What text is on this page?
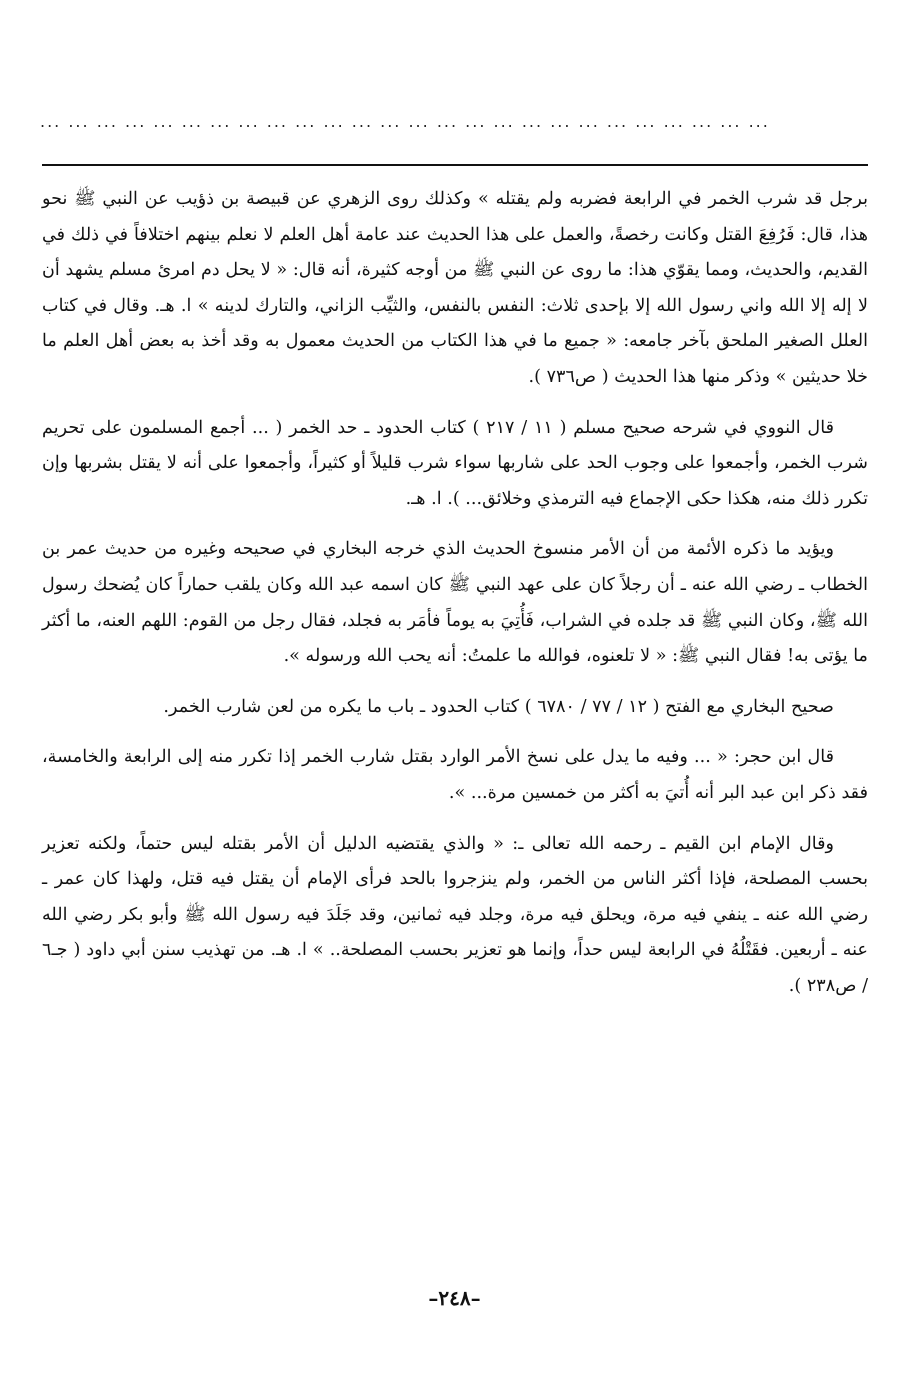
... ... ... ... ... ... ... ... ... ... ... ... ... ... ... ... ... ... ... ... ... ... ... ... ... ...

برجل قد شرب الخمر في الرابعة فضربه ولم يقتله » وكذلك روى الزهري عن قبيصة بن ذؤيب عن النبي ﷺ نحو هذا، قال: فَرُفِعَ القتل وكانت رخصةً، والعمل على هذا الحديث عند عامة أهل العلم لا نعلم بينهم اختلافاً في ذلك في القديم، والحديث، ومما يقوّي هذا: ما روى عن النبي ﷺ من أوجه كثيرة، أنه قال: « لا يحل دم امرئ مسلم يشهد أن لا إله إلا الله واني رسول الله إلا بإحدى ثلاث: النفس بالنفس، والثيِّب الزاني، والتارك لدينه » ا. هـ. وقال في كتاب العلل الصغير الملحق بآخر جامعه: « جميع ما في هذا الكتاب من الحديث معمول به وقد أخذ به بعض أهل العلم ما خلا حديثين » وذكر منها هذا الحديث ( ص٧٣٦ ).

قال النووي في شرحه صحيح مسلم ( ١١ / ٢١٧ ) كتاب الحدود ـ حد الخمر ( ... أجمع المسلمون على تحريم شرب الخمر، وأجمعوا على وجوب الحد على شاربها سواء شرب قليلاً أو كثيراً، وأجمعوا على أنه لا يقتل بشربها وإن تكرر ذلك منه، هكذا حكى الإجماع فيه الترمذي وخلائق... ). ا. هـ.

ويؤيد ما ذكره الأئمة من أن الأمر منسوخ الحديث الذي خرجه البخاري في صحيحه وغيره من حديث عمر بن الخطاب ـ رضي الله عنه ـ أن رجلاً كان على عهد النبي ﷺ كان اسمه عبد الله وكان يلقب حماراً كان يُضحك رسول الله ﷺ، وكان النبي ﷺ قد جلده في الشراب، فَأُتِيَ به يوماً فأمَر به فجلد، فقال رجل من القوم: اللهم العنه، ما أكثر ما يؤتى به! فقال النبي ﷺ: « لا تلعنوه، فوالله ما علمتُ: أنه يحب الله ورسوله ».

صحيح البخاري مع الفتح ( ١٢ / ٧٧ / ٦٧٨٠ ) كتاب الحدود ـ باب ما يكره من لعن شارب الخمر.

قال ابن حجر: « ... وفيه ما يدل على نسخ الأمر الوارد بقتل شارب الخمر إذا تكرر منه إلى الرابعة والخامسة، فقد ذكر ابن عبد البر أنه أُتيَ به أكثر من خمسين مرة... ».

وقال الإمام ابن القيم ـ رحمه الله تعالى ـ: « والذي يقتضيه الدليل أن الأمر بقتله ليس حتماً، ولكنه تعزير بحسب المصلحة، فإذا أكثر الناس من الخمر، ولم ينزجروا بالحد فرأى الإمام أن يقتل فيه قتل، ولهذا كان عمر ـ رضي الله عنه ـ ينفي فيه مرة، ويحلق فيه مرة، وجلد فيه ثمانين، وقد جَلَدَ فيه رسول الله ﷺ وأبو بكر رضي الله عنه ـ أربعين. فقَتْلُهُ في الرابعة ليس حداً، وإنما هو تعزير بحسب المصلحة.. » ا. هـ. من تهذيب سنن أبي داود ( جـ٦ / ص٢٣٨ ).

–٢٤٨–
